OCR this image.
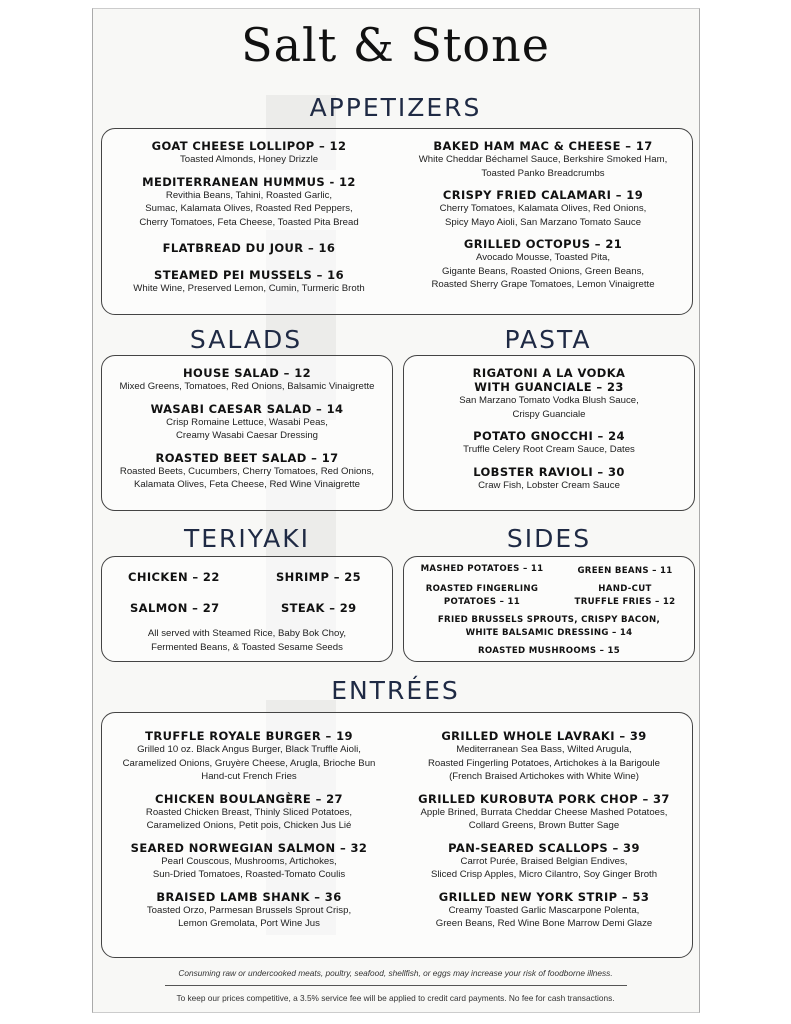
Salt & Stone
APPETIZERS
GOAT CHEESE LOLLIPOP – 12
Toasted Almonds, Honey Drizzle
MEDITERRANEAN HUMMUS - 12
Revithia Beans, Tahini, Roasted Garlic,
Sumac, Kalamata Olives, Roasted Red Peppers,
Cherry Tomatoes, Feta Cheese, Toasted Pita Bread
FLATBREAD DU JOUR – 16
STEAMED PEI MUSSELS – 16
White Wine, Preserved Lemon, Cumin, Turmeric Broth
BAKED HAM MAC & CHEESE – 17
White Cheddar Béchamel Sauce, Berkshire Smoked Ham,
Toasted Panko Breadcrumbs
CRISPY FRIED CALAMARI – 19
Cherry Tomatoes, Kalamata Olives, Red Onions,
Spicy Mayo Aioli, San Marzano Tomato Sauce
GRILLED OCTOPUS – 21
Avocado Mousse, Toasted Pita,
Gigante Beans, Roasted Onions, Green Beans,
Roasted Sherry Grape Tomatoes, Lemon Vinaigrette
SALADS
HOUSE SALAD – 12
Mixed Greens, Tomatoes, Red Onions, Balsamic Vinaigrette
WASABI CAESAR SALAD – 14
Crisp Romaine Lettuce, Wasabi Peas,
Creamy Wasabi Caesar Dressing
ROASTED BEET SALAD – 17
Roasted Beets, Cucumbers, Cherry Tomatoes, Red Onions,
Kalamata Olives, Feta Cheese, Red Wine Vinaigrette
PASTA
RIGATONI A LA VODKA
WITH GUANCIALE – 23
San Marzano Tomato Vodka Blush Sauce,
Crispy Guanciale
POTATO GNOCCHI – 24
Truffle Celery Root Cream Sauce, Dates
LOBSTER RAVIOLI – 30
Craw Fish, Lobster Cream Sauce
TERIYAKI
CHICKEN – 22	SHRIMP – 25
SALMON – 27	STEAK – 29
All served with Steamed Rice, Baby Bok Choy,
Fermented Beans, & Toasted Sesame Seeds
SIDES
MASHED POTATOES – 11	GREEN BEANS – 11
ROASTED FINGERLING
POTATOES – 11
HAND-CUT
TRUFFLE FRIES – 12
FRIED BRUSSELS SPROUTS, CRISPY BACON,
WHITE BALSAMIC DRESSING – 14
ROASTED MUSHROOMS – 15
ENTRÉES
TRUFFLE ROYALE BURGER – 19
Grilled 10 oz. Black Angus Burger, Black Truffle Aioli,
Caramelized Onions, Gruyère Cheese, Arugla, Brioche Bun
Hand-cut French Fries
CHICKEN BOULANGÈRE – 27
Roasted Chicken Breast, Thinly Sliced Potatoes,
Caramelized Onions, Petit pois, Chicken Jus Lié
SEARED NORWEGIAN SALMON – 32
Pearl Couscous, Mushrooms, Artichokes,
Sun-Dried Tomatoes, Roasted-Tomato Coulis
BRAISED LAMB SHANK – 36
Toasted Orzo, Parmesan Brussels Sprout Crisp,
Lemon Gremolata, Port Wine Jus
GRILLED WHOLE LAVRAKI – 39
Mediterranean Sea Bass, Wilted Arugula,
Roasted Fingerling Potatoes, Artichokes à la Barigoule
(French Braised Artichokes with White Wine)
GRILLED KUROBUTA PORK CHOP – 37
Apple Brined, Burrata Cheddar Cheese Mashed Potatoes,
Collard Greens, Brown Butter Sage
PAN-SEARED SCALLOPS – 39
Carrot Purée, Braised Belgian Endives,
Sliced Crisp Apples, Micro Cilantro, Soy Ginger Broth
GRILLED NEW YORK STRIP – 53
Creamy Toasted Garlic Mascarpone Polenta,
Green Beans, Red Wine Bone Marrow Demi Glaze
Consuming raw or undercooked meats, poultry, seafood, shellfish, or eggs may increase your risk of foodborne illness.
To keep our prices competitive, a 3.5% service fee will be applied to credit card payments. No fee for cash transactions.
